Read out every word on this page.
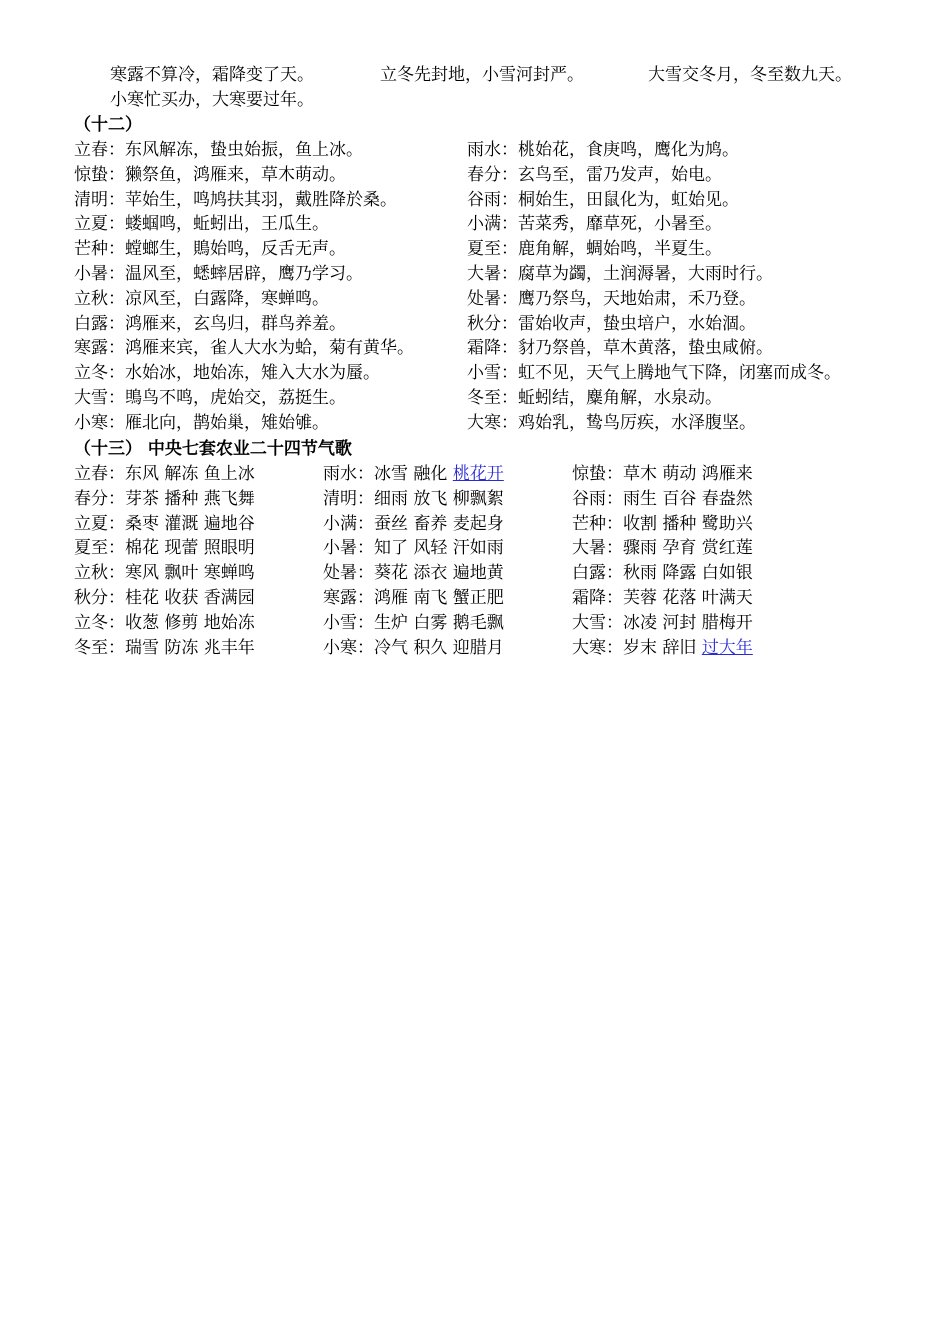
寒露不算冷，霜降变了天。	立冬先封地，小雪河封严。	大雪交冬月，冬至数九天。
小寒忙买办，大寒要过年。
（十二）
立春：东风解冻，蛰虫始振，鱼上冰。	雨水：桃始花，食庚鸣，鹰化为鸠。
惊蛰：獭祭鱼，鸿雁来，草木萌动。	春分：玄鸟至，雷乃发声，始电。
清明：苹始生，鸣鸠扶其羽，戴胜降於桑。	谷雨：桐始生，田鼠化为，虹始见。
立夏：蝼蝈鸣，蚯蚓出，王瓜生。	小满：苦菜秀，靡草死，小暑至。
芒种：螳螂生，鵙始鸣，反舌无声。	夏至：鹿角解，蜩始鸣，半夏生。
小暑：温风至，蟋蟀居辟，鹰乃学习。	大暑：腐草为蠲，土润溽暑，大雨时行。
立秋：凉风至，白露降，寒蝉鸣。	处暑：鹰乃祭鸟，天地始肃，禾乃登。
白露：鸿雁来，玄鸟归，群鸟养羞。	秋分：雷始收声，蛰虫培户，水始涸。
寒露：鸿雁来宾，雀人大水为蛤，菊有黄华。	霜降：豺乃祭兽，草木黄落，蛰虫咸俯。
立冬：水始冰，地始冻，雉入大水为蜃。	小雪：虹不见，天气上腾地气下降，闭塞而成冬。
大雪：鴠鸟不鸣，虎始交，荔挺生。	冬至：蚯蚓结，麋角解，水泉动。
小寒：雁北向，鹊始巢，雉始雊。	大寒：鸡始乳，鸷鸟厉疾，水泽腹坚。
（十三） 中央七套农业二十四节气歌
立春：东风 解冻 鱼上冰	雨水：冰雪 融化 桃花开	惊蛰：草木 萌动 鸿雁来
春分：芽茶 播种 燕飞舞	清明：细雨 放飞 柳飘絮	谷雨：雨生 百谷 春盎然
立夏：桑枣 灌溉 遍地谷	小满：蚕丝 畜养 麦起身	芒种：收割 播种 鹭助兴
夏至：棉花 现蕾 照眼明	小暑：知了 风轻 汗如雨	大暑：骤雨 孕育 赏红莲
立秋：寒风 飘叶 寒蝉鸣	处暑：葵花 添衣 遍地黄	白露：秋雨 降露 白如银
秋分：桂花 收获 香满园	寒露：鸿雁 南飞 蟹正肥	霜降：芙蓉 花落 叶满天
立冬：收葱 修剪 地始冻	小雪：生炉 白雾 鹅毛飘	大雪：冰凌 河封 腊梅开
冬至：瑞雪 防冻 兆丰年	小寒：冷气 积久 迎腊月	大寒：岁末 辞旧 过大年
